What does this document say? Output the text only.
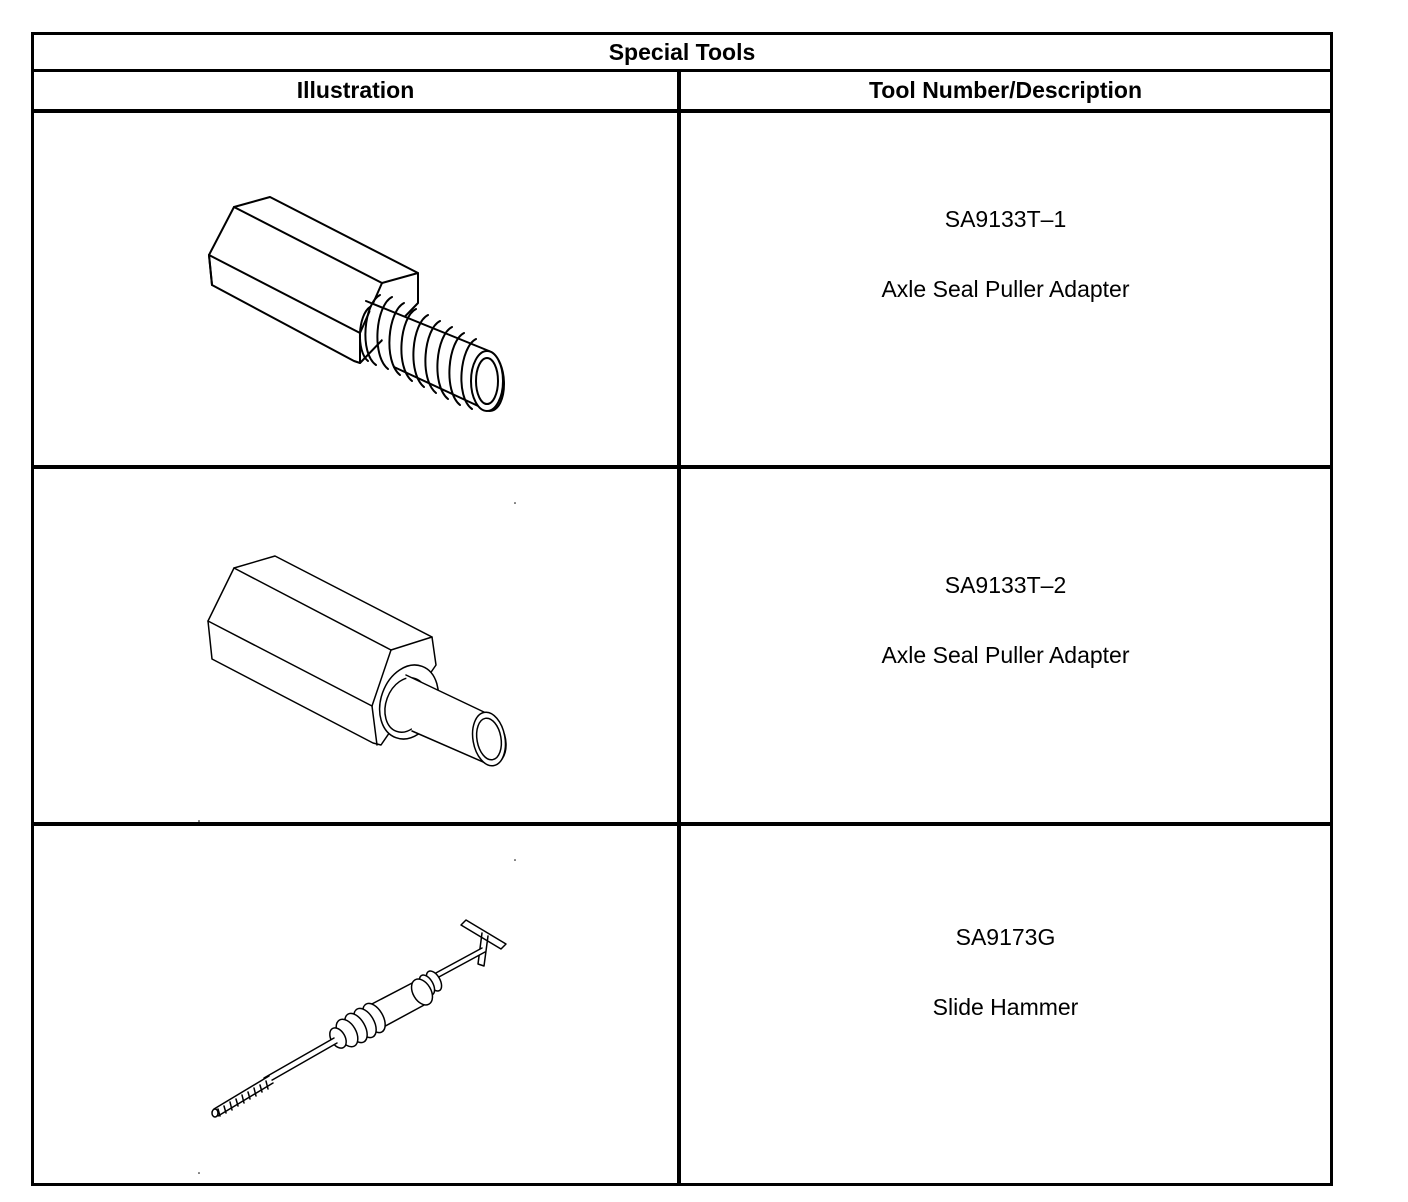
Special Tools
Illustration	Tool Number/Description
SA9133T–1
Axle Seal Puller Adapter
SA9133T–2
Axle Seal Puller Adapter
SA9173G
Slide Hammer
